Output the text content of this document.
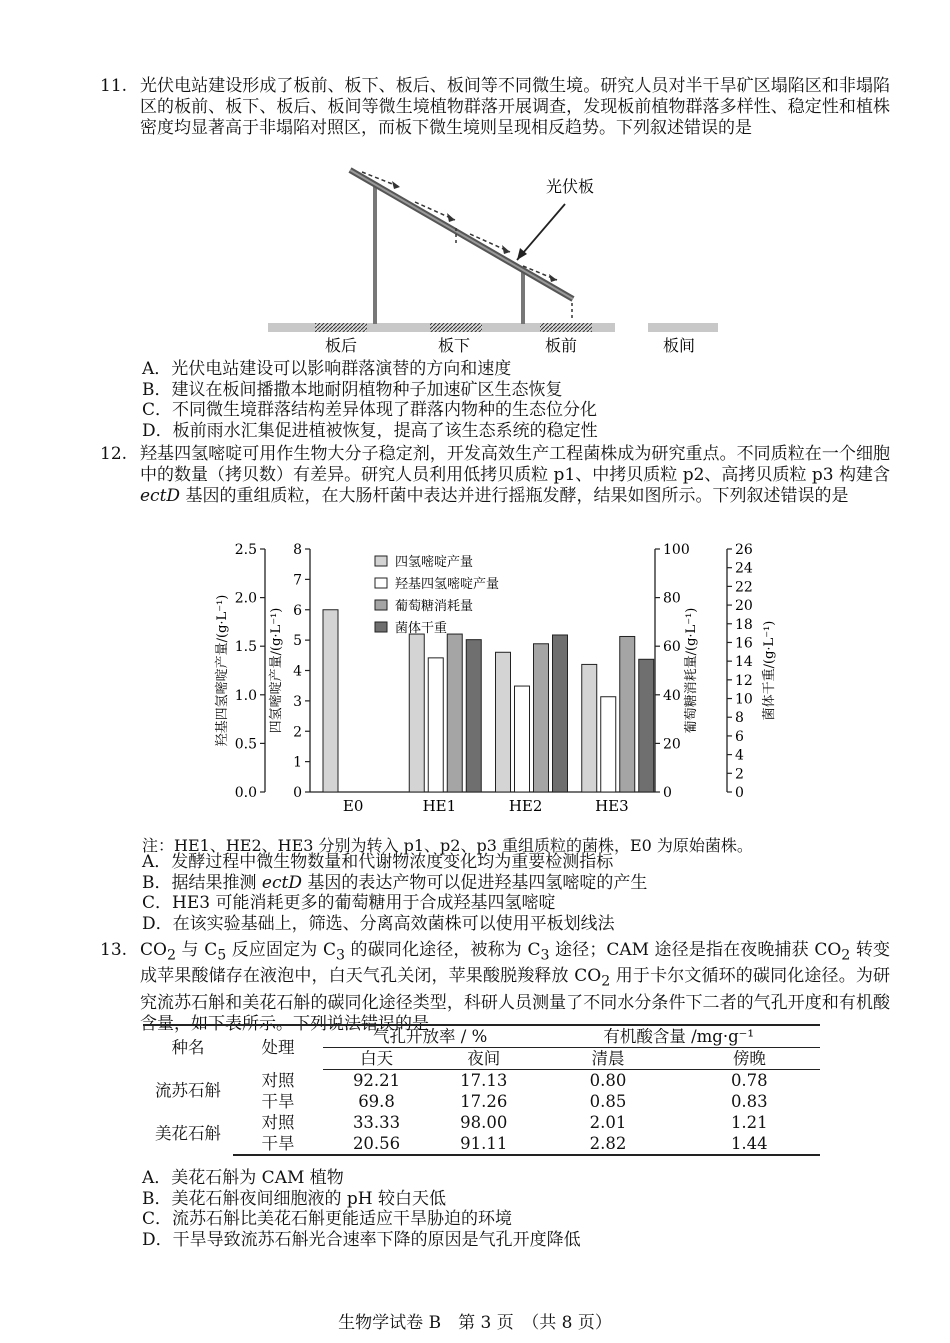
11. 光伏电站建设形成了板前、板下、板后、板间等不同微生境。研究人员对半干旱矿区塌陷区和非塌陷区的板前、板下、板后、板间等微生境植物群落开展调查，发现板前植物群落多样性、稳定性和植株密度均显著高于非塌陷对照区，而板下微生境则呈现相反趋势。下列叙述错误的是
光伏板
板后	板下	板前	板间
A．光伏电站建设可以影响群落演替的方向和速度
B．建议在板间播撒本地耐阴植物种子加速矿区生态恢复
C．不同微生境群落结构差异体现了群落内物种的生态位分化
D．板前雨水汇集促进植被恢复，提高了该生态系统的稳定性
12. 羟基四氢嘧啶可用作生物大分子稳定剂，开发高效生产工程菌株成为研究重点。不同质粒在一个细胞中的数量（拷贝数）有差异。研究人员利用低拷贝质粒 p1、中拷贝质粒 p2、高拷贝质粒 p3 构建含 ectD 基因的重组质粒，在大肠杆菌中表达并进行摇瓶发酵，结果如图所示。下列叙述错误的是
0.0
0.5
1.0
1.5
2.0
2.5
0
1
2
3
4
5
6
7
8
0
20
40
60
80
100
0
2
4
6
8
10
12
14
16
18
20
22
24
26
羟基四氢嘧啶产量/(g·L⁻¹)	四氢嘧啶产量/(g·L⁻¹)	葡萄糖消耗量/(g·L⁻¹)	菌体干重/(g·L⁻¹)
E0	HE1	HE2	HE3
四氢嘧啶产量
羟基四氢嘧啶产量
葡萄糖消耗量
菌体干重
注：HE1、HE2、HE3 分别为转入 p1、p2、p3 重组质粒的菌株，E0 为原始菌株。
A．发酵过程中微生物数量和代谢物浓度变化均为重要检测指标
B．据结果推测 ectD 基因的表达产物可以促进羟基四氢嘧啶的产生
C．HE3 可能消耗更多的葡萄糖用于合成羟基四氢嘧啶
D．在该实验基础上，筛选、分离高效菌株可以使用平板划线法
13. $CO_2$ 与 $C_5$ 反应固定为 $C_3$ 的碳同化途径，被称为 $C_3$ 途径；CAM 途径是指在夜晚捕获 $CO_2$ 转变成苹果酸储存在液泡中，白天气孔关闭，苹果酸脱羧释放 $CO_2$ 用于卡尔文循环的碳同化途径。为研究流苏石斛和美花石斛的碳同化途径类型，科研人员测量了不同水分条件下二者的气孔开度和有机酸含量，如下表所示。下列说法错误的是
种名	处理	气孔开放率 / %		有机酸含量 /mg·g⁻¹	
		白天	夜间	清晨	傍晚
流苏石斛	对照	92.21	17.13	0.80	0.78
	干旱	69.8	17.26	0.85	0.83
美花石斛	对照	33.33	98.00	2.01	1.21
	干旱	20.56	91.11	2.82	1.44
A．美花石斛为 CAM 植物
B．美花石斛夜间细胞液的 pH 较白天低
C．流苏石斛比美花石斛更能适应干旱胁迫的环境
D．干旱导致流苏石斛光合速率下降的原因是气孔开度降低
生物学试卷 B　第 3 页　（共 8 页）
